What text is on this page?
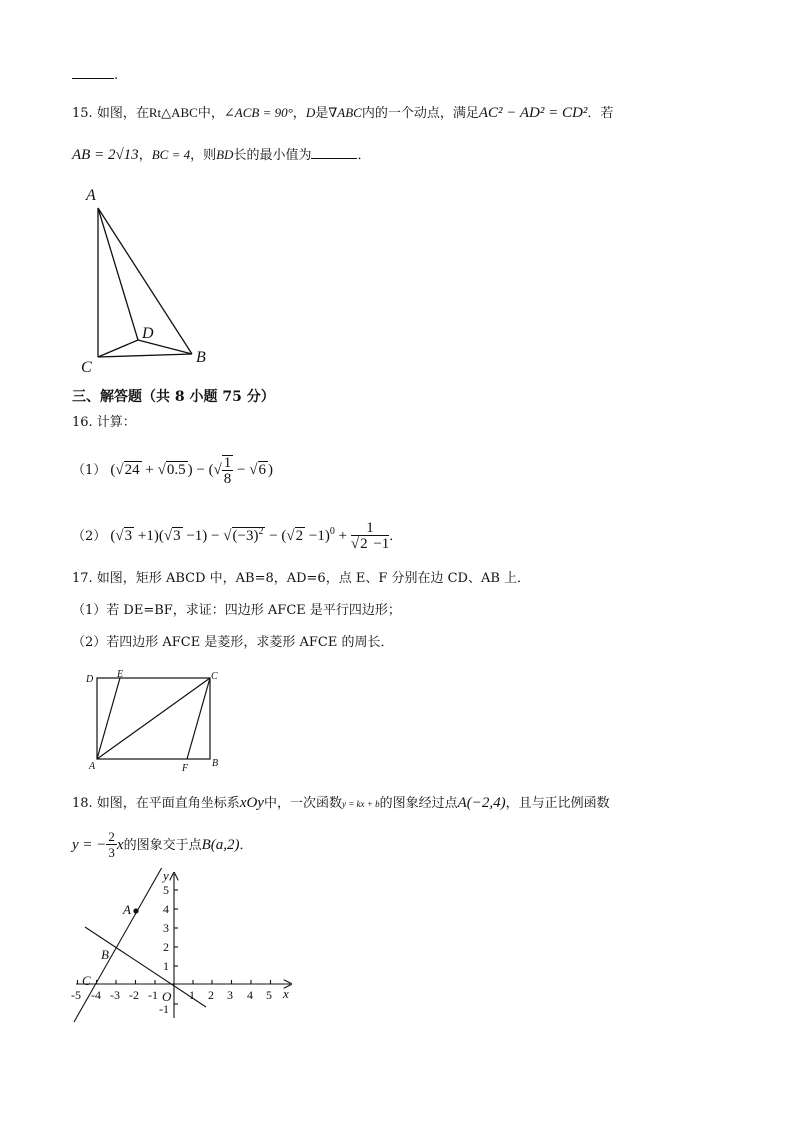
.
15. 如图，在Rt△ABC中，∠ACB = 90°，D是∇ABC内的一个动点，满足AC² − AD² = CD²．若
AB = 2√13，BC = 4，则BD长的最小值为	．
A
C
D
B
三、解答题（共 8 小题 75 分）
16. 计算：
（1） (√24 + √0.5 ) − (√ $\frac{1}{8} - √6$ )
（2） $(√3 +1)(√3 -1) - √(-3)^2 - (√2 -1)^0 + \frac{1}{√2 -1}$ ．
17. 如图，矩形 ABCD 中，AB=8，AD=6，点 E、F 分别在边 CD、AB 上．
（1）若 DE=BF，求证：四边形 AFCE 是平行四边形；
（2）若四边形 AFCE 是菱形，求菱形 AFCE 的周长．
D E	C
A	F B
18. 如图，在平面直角坐标系xOy中，一次函数y = kx + b的图象经过点A(−2,4)，且与正比例函数
y = − $\frac{2}{3}$ x的图象交于点B(a,2)．
-5 -4 -3 -2 -1	1 2 3 4 5
5
4
3
2
1
-1
x
y
O
A
B
C
